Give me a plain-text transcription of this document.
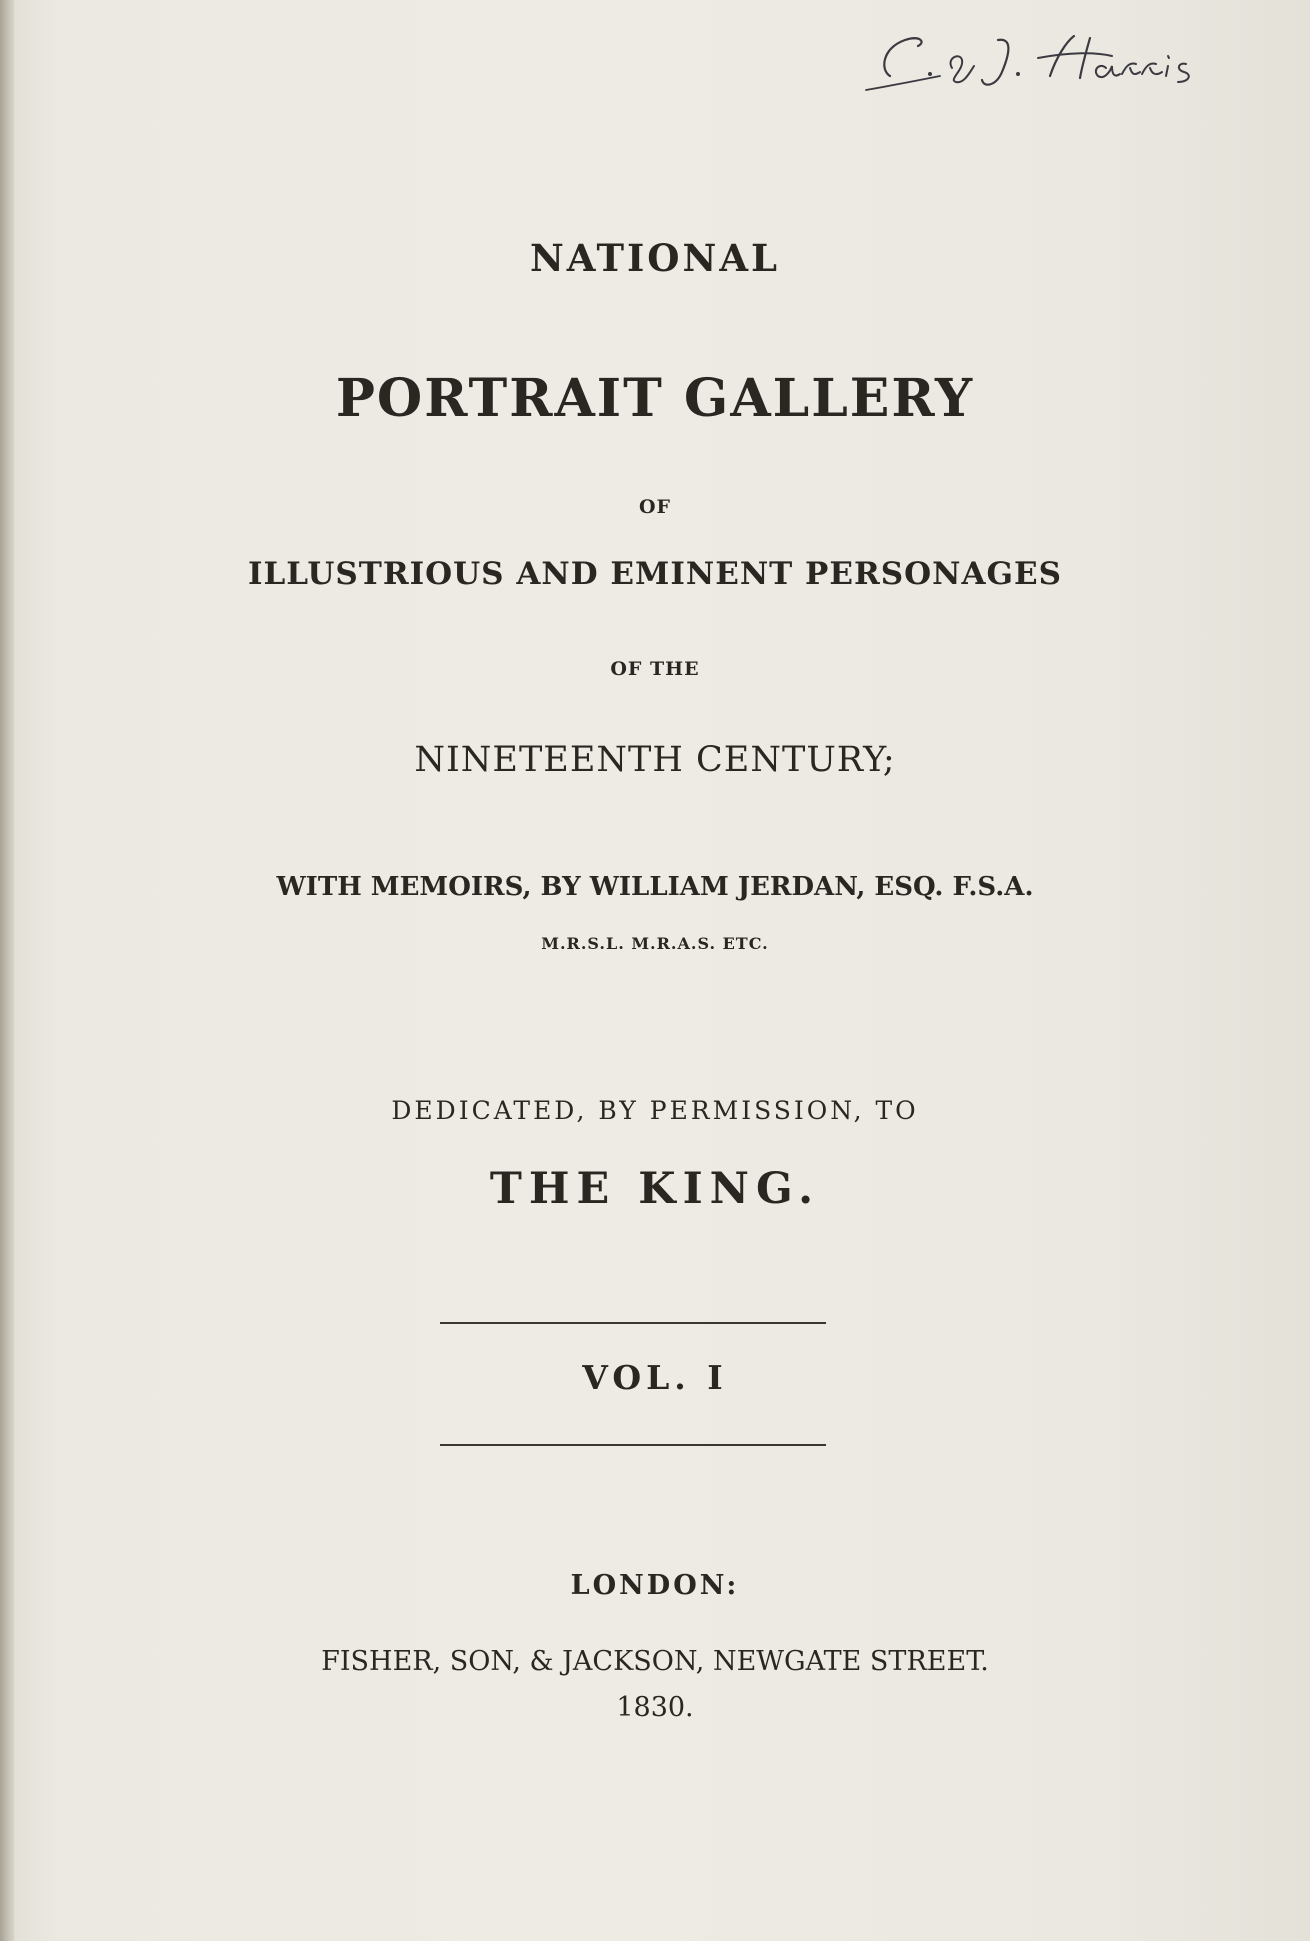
NATIONAL

PORTRAIT GALLERY

OF

ILLUSTRIOUS AND EMINENT PERSONAGES

OF THE

NINETEENTH CENTURY;

WITH MEMOIRS, BY WILLIAM JERDAN, ESQ. F.S.A.

M.R.S.L. M.R.A.S. ETC.

DEDICATED, BY PERMISSION, TO

THE KING.

VOL. I

LONDON:

FISHER, SON, & JACKSON, NEWGATE STREET.

1830.
